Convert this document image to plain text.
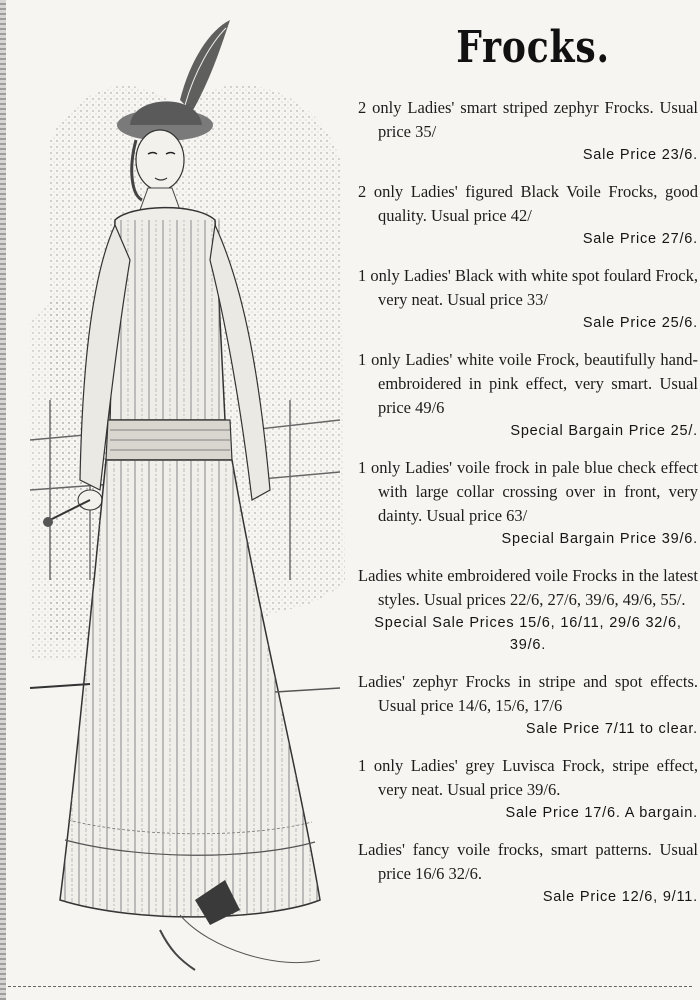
Frocks.

2 only Ladies' smart striped zephyr Frocks. Usual price 35/

Sale Price 23/6.

2 only Ladies' figured Black Voile Frocks, good quality. Usual price 42/

Sale Price 27/6.

1 only Ladies' Black with white spot foulard Frock, very neat. Usual price 33/

Sale Price 25/6.

1 only Ladies' white voile Frock, beautifully hand-embroidered in pink effect, very smart. Usual price 49/6

Special Bargain Price 25/.

1 only Ladies' voile frock in pale blue check effect with large collar crossing over in front, very dainty. Usual price 63/

Special Bargain Price 39/6.

Ladies white embroidered voile Frocks in the latest styles. Usual prices 22/6, 27/6, 39/6, 49/6, 55/.

Special Sale Prices 15/6, 16/11, 29/6 32/6, 39/6.

Ladies' zephyr Frocks in stripe and spot effects. Usual price 14/6, 15/6, 17/6

Sale Price 7/11 to clear.

1 only Ladies' grey Luvisca Frock, stripe effect, very neat. Usual price 39/6.

Sale Price 17/6. A bargain.

Ladies' fancy voile frocks, smart patterns. Usual price 16/6 32/6.

Sale Price 12/6, 9/11.
